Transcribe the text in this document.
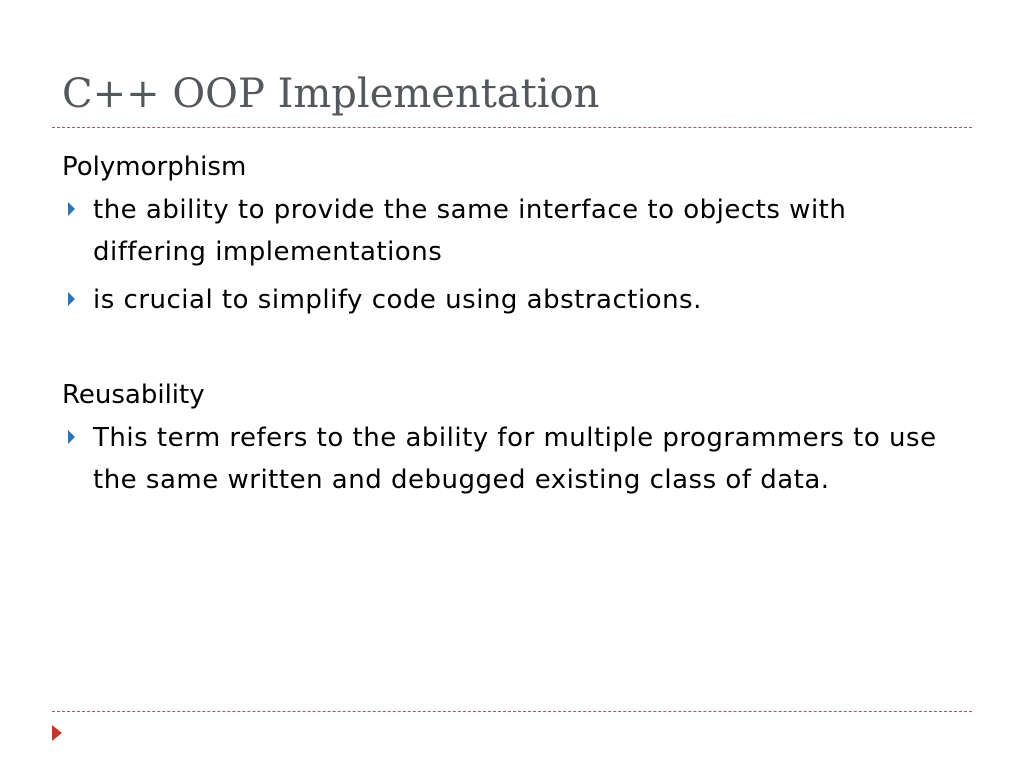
C++ OOP Implementation

Polymorphism

the ability to provide the same interface to objects with differing implementations
is crucial to simplify code using abstractions.

Reusability

This term refers to the ability for multiple programmers to use the same written and debugged existing class of data.
